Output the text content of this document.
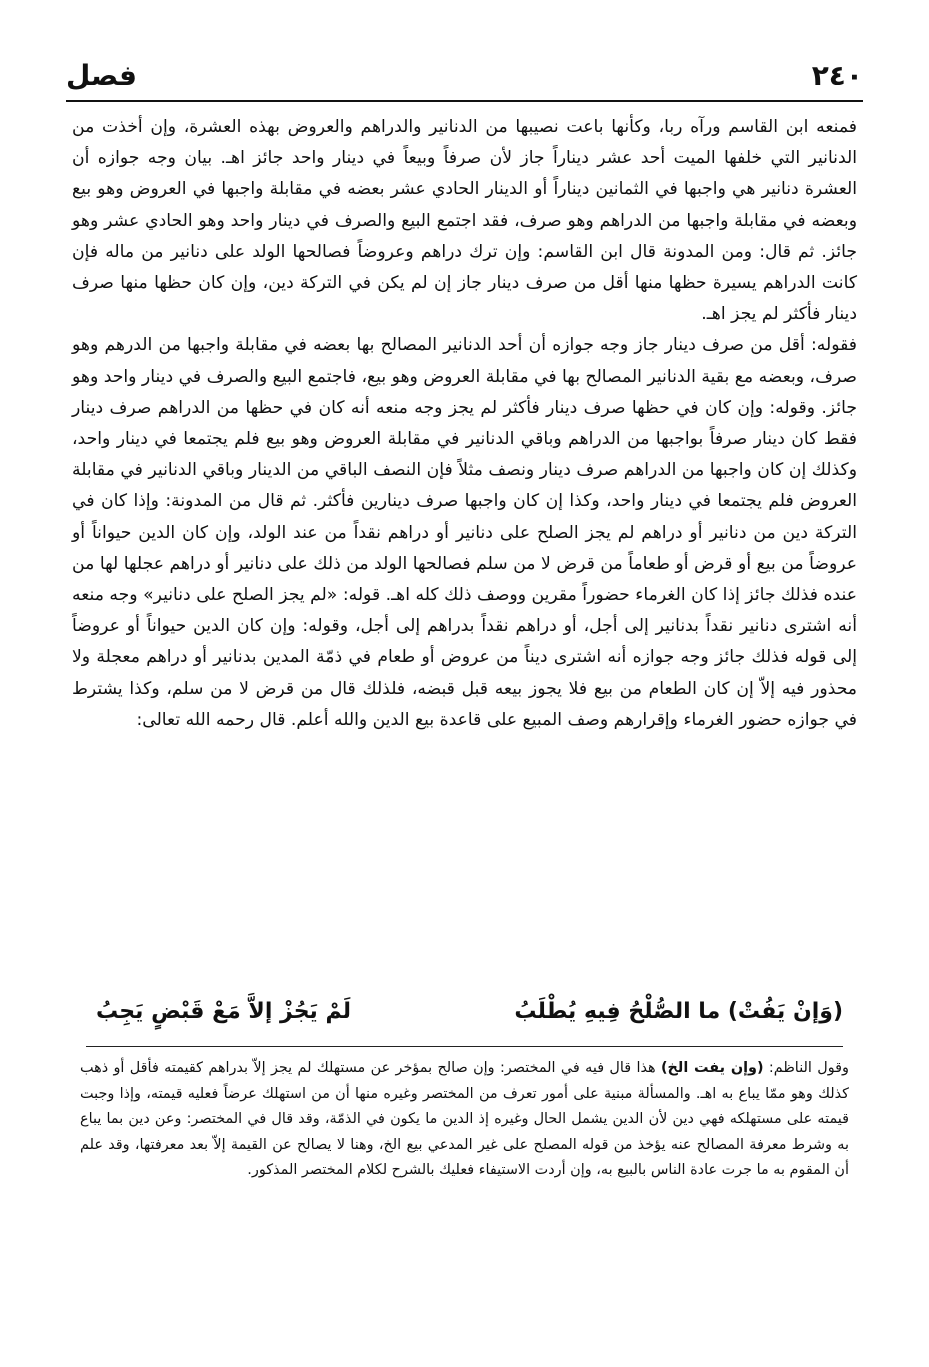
٢٤٠
فصل

فمنعه ابن القاسم ورآه ربا، وكأنها باعت نصيبها من الدنانير والدراهم والعروض بهذه العشرة، وإن أخذت من الدنانير التي خلفها الميت أحد عشر ديناراً جاز لأن صرفاً وبيعاً في دينار واحد جائز اهـ. بيان وجه جوازه أن العشرة دنانير هي واجبها في الثمانين ديناراً أو الدينار الحادي عشر بعضه في مقابلة واجبها في العروض وهو بيع وبعضه في مقابلة واجبها من الدراهم وهو صرف، فقد اجتمع البيع والصرف في دينار واحد وهو الحادي عشر وهو جائز. ثم قال: ومن المدونة قال ابن القاسم: وإن ترك دراهم وعروضاً فصالحها الولد على دنانير من ماله فإن كانت الدراهم يسيرة حظها منها أقل من صرف دينار جاز إن لم يكن في التركة دين، وإن كان حظها منها صرف دينار فأكثر لم يجز اهـ.

فقوله: أقل من صرف دينار جاز وجه جوازه أن أحد الدنانير المصالح بها بعضه في مقابلة واجبها من الدرهم وهو صرف، وبعضه مع بقية الدنانير المصالح بها في مقابلة العروض وهو بيع، فاجتمع البيع والصرف في دينار واحد وهو جائز. وقوله: وإن كان في حظها صرف دينار فأكثر لم يجز وجه منعه أنه كان في حظها من الدراهم صرف دينار فقط كان دينار صرفاً بواجبها من الدراهم وباقي الدنانير في مقابلة العروض وهو بيع فلم يجتمعا في دينار واحد، وكذلك إن كان واجبها من الدراهم صرف دينار ونصف مثلاً فإن النصف الباقي من الدينار وباقي الدنانير في مقابلة العروض فلم يجتمعا في دينار واحد، وكذا إن كان واجبها صرف دينارين فأكثر. ثم قال من المدونة: وإذا كان في التركة دين من دنانير أو دراهم لم يجز الصلح على دنانير أو دراهم نقداً من عند الولد، وإن كان الدين حيواناً أو عروضاً من بيع أو قرض أو طعاماً من قرض لا من سلم فصالحها الولد من ذلك على دنانير أو دراهم عجلها لها من عنده فذلك جائز إذا كان الغرماء حضوراً مقرين ووصف ذلك كله اهـ. قوله: «لم يجز الصلح على دنانير» وجه منعه أنه اشترى دنانير نقداً بدنانير إلى أجل، أو دراهم نقداً بدراهم إلى أجل، وقوله: وإن كان الدين حيواناً أو عروضاً إلى قوله فذلك جائز وجه جوازه أنه اشترى ديناً من عروض أو طعام في ذمّة المدين بدنانير أو دراهم معجلة ولا محذور فيه إلاّ إن كان الطعام من بيع فلا يجوز بيعه قبل قبضه، فلذلك قال من قرض لا من سلم، وكذا يشترط في جوازه حضور الغرماء وإقرارهم وصف المبيع على قاعدة بيع الدين والله أعلم. قال رحمه الله تعالى:

(وَإنْ يَفُتْ) ما الصُّلْحُ فِيهِ يُطْلَبُ
لَمْ يَجُزْ إلاَّ مَعْ قَبْضٍ يَجِبُ

وقول الناظم: (وإن يفت الخ) هذا قال فيه في المختصر: وإن صالح بمؤخر عن مستهلك لم يجز إلاّ بدراهم كقيمته فأقل أو ذهب كذلك وهو ممّا يباع به اهـ. والمسألة مبنية على أمور تعرف من المختصر وغيره منها أن من استهلك عرضاً فعليه قيمته، وإذا وجبت قيمته على مستهلكه فهي دين لأن الدين يشمل الحال وغيره إذ الدين ما يكون في الذمّة، وقد قال في المختصر: وعن دين بما يباع به وشرط معرفة المصالح عنه يؤخذ من قوله المصلح على غير المدعي بيع الخ، وهنا لا يصالح عن القيمة إلاّ بعد معرفتها، وقد علم أن المقوم به ما جرت عادة الناس بالبيع به، وإن أردت الاستيفاء فعليك بالشرح لكلام المختصر المذكور.
